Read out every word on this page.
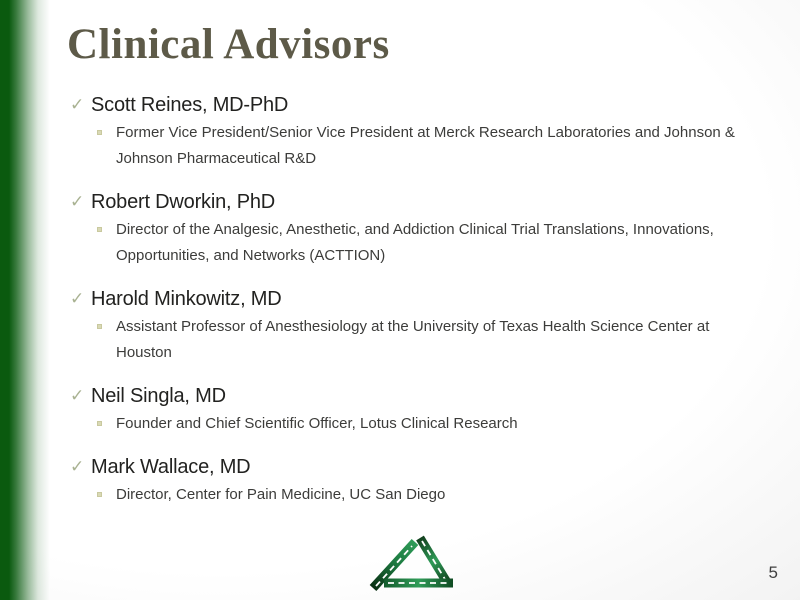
Clinical Advisors
✓ Scott Reines, MD-PhD
Former Vice President/Senior Vice President at Merck Research Laboratories and Johnson & Johnson Pharmaceutical R&D
✓ Robert Dworkin, PhD
Director of the Analgesic, Anesthetic, and Addiction Clinical Trial Translations, Innovations, Opportunities, and Networks (ACTTION)
✓ Harold Minkowitz, MD
Assistant Professor of Anesthesiology at the University of Texas Health Science Center at Houston
✓ Neil Singla, MD
Founder and Chief Scientific Officer, Lotus Clinical Research
✓ Mark Wallace, MD
Director, Center for Pain Medicine, UC San Diego
5
